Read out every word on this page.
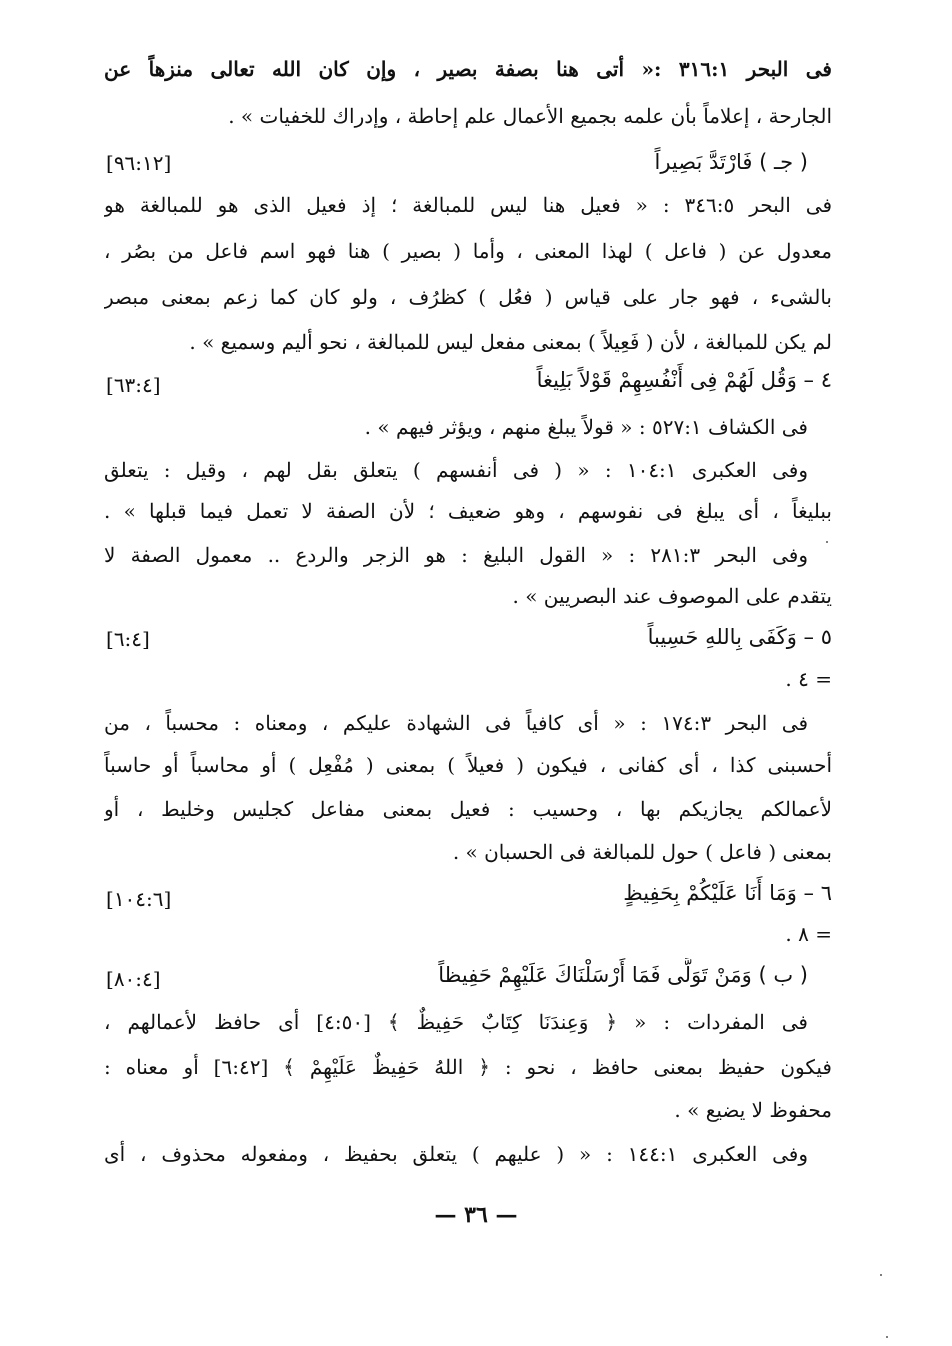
فى البحر ٣١٦:١ :« أتى هنا بصفة بصير ، وإن كان الله تعالى منزهاً عن
الجارحة ، إعلاماً بأن علمه بجميع الأعمال علم إحاطة ، وإدراك للخفيات » .
( جـ ) فَارْتَدَّ بَصِيراً
[٩٦:١٢]
فى البحر ٣٤٦:٥ : « فعيل هنا ليس للمبالغة ؛ إذ فعيل الذى هو للمبالغة هو
معدول عن ( فاعل ) لهذا المعنى ، وأما ( بصير ) هنا فهو اسم فاعل من بصُر ،
بالشىء ، فهو جار على قياس ( فعُل ) كظرُف ، ولو كان كما زعم بمعنى مبصر
لم يكن للمبالغة ، لأن ( فَعِيلاً ) بمعنى مفعل ليس للمبالغة ، نحو أليم وسميع » .
٤ – وَقُل لَهُمْ فِى أَنْفُسِهِمْ قَوْلاً بَلِيغاً
[٦٣:٤]
فى الكشاف ٥٢٧:١ : « قولاً يبلغ منهم ، ويؤثر فيهم » .
وفى العكبرى ١٠٤:١ : « ( فى أنفسهم ) يتعلق بقل لهم ، وقيل : يتعلق
ببليغاً ، أى يبلغ فى نفوسهم ، وهو ضعيف ؛ لأن الصفة لا تعمل فيما قبلها » .
وفى البحر ٢٨١:٣ : « القول البليغ : هو الزجر والردع .. معمول الصفة لا
يتقدم على الموصوف عند البصريين » .
٥ – وَكَفَى بِاللهِ حَسِيباً
[٦:٤]
= ٤ .
فى البحر ١٧٤:٣ : « أى كافياً فى الشهادة عليكم ، ومعناه : محسباً ، من
أحسبنى كذا ، أى كفانى ، فيكون ( فعيلاً ) بمعنى ( مُفْعِل ) أو محاسباً أو حاسباً
لأعمالكم يجازيكم بها ، وحسيب : فعيل بمعنى مفاعل كجليس وخليط ، أو
بمعنى ( فاعل ) حول للمبالغة فى الحسبان » .
٦ – وَمَا أَنَا عَلَيْكُمْ بِحَفِيظٍ
[١٠٤:٦]
= ٨ .
( ب ) وَمَنْ تَوَلَّى فَمَا أَرْسَلْنَاكَ عَلَيْهِمْ حَفِيظاً
[٨٠:٤]
فى المفردات : « ﴿ وَعِندَنَا كِتَابٌ حَفِيظٌ ﴾ [٤:٥٠] أى حافظ لأعمالهم ،
فيكون حفيظ بمعنى حافظ ، نحو : ﴿ اللهُ حَفِيظٌ عَلَيْهِمْ ﴾ [٦:٤٢] أو معناه :
محفوظ لا يضيع » .
وفى العكبرى ١٤٤:١ : « ( عليهم ) يتعلق بحفيظ ، ومفعوله محذوف ، أى
— ٣٦ —
